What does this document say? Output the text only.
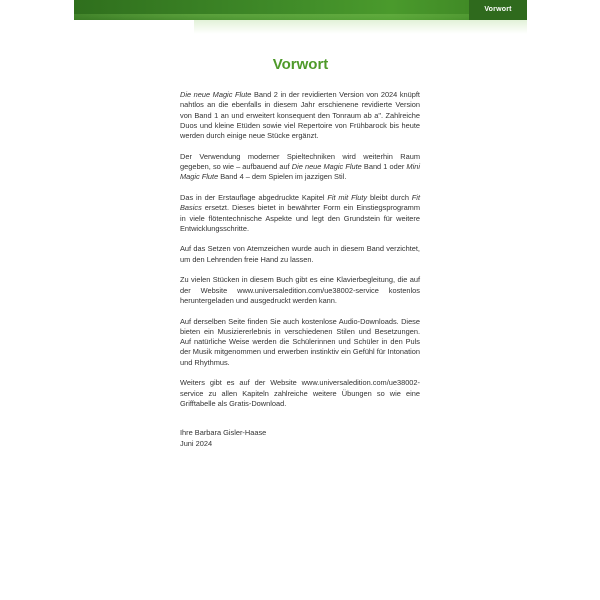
Vorwort
Vorwort

Die neue Magic Flute Band 2 in der revidierten Version von 2024 knüpft nahtlos an die ebenfalls in diesem Jahr erschienene revidierte Version von Band 1 an und erweitert konsequent den Tonraum ab a". Zahlreiche Duos und kleine Etüden sowie viel Repertoire von Frühbarock bis heute werden durch einige neue Stücke ergänzt.

Der Verwendung moderner Spieltechniken wird weiterhin Raum gegeben, so wie – aufbauend auf Die neue Magic Flute Band 1 oder Mini Magic Flute Band 4 – dem Spielen im jazzigen Stil.

Das in der Erstauflage abgedruckte Kapitel Fit mit Fluty bleibt durch Fit Basics ersetzt. Dieses bietet in bewährter Form ein Einstiegsprogramm in viele flötentechnische Aspekte und legt den Grundstein für weitere Entwicklungsschritte.

Auf das Setzen von Atemzeichen wurde auch in diesem Band verzichtet, um den Lehrenden freie Hand zu lassen.

Zu vielen Stücken in diesem Buch gibt es eine Klavierbegleitung, die auf der Website www.universaledition.com/ue38002-service kostenlos heruntergeladen und ausgedruckt werden kann.

Auf derselben Seite finden Sie auch kostenlose Audio-Downloads. Diese bieten ein Musiziererlebnis in verschiedenen Stilen und Besetzungen. Auf natürliche Weise werden die Schülerinnen und Schüler in den Puls der Musik mitgenommen und erwerben instinktiv ein Gefühl für Intonation und Rhythmus.

Weiters gibt es auf der Website www.universaledition.com/ue38002-service zu allen Kapiteln zahlreiche weitere Übungen so wie eine Grifftabelle als Gratis-Download.

Ihre Barbara Gisler-Haase
Juni 2024
